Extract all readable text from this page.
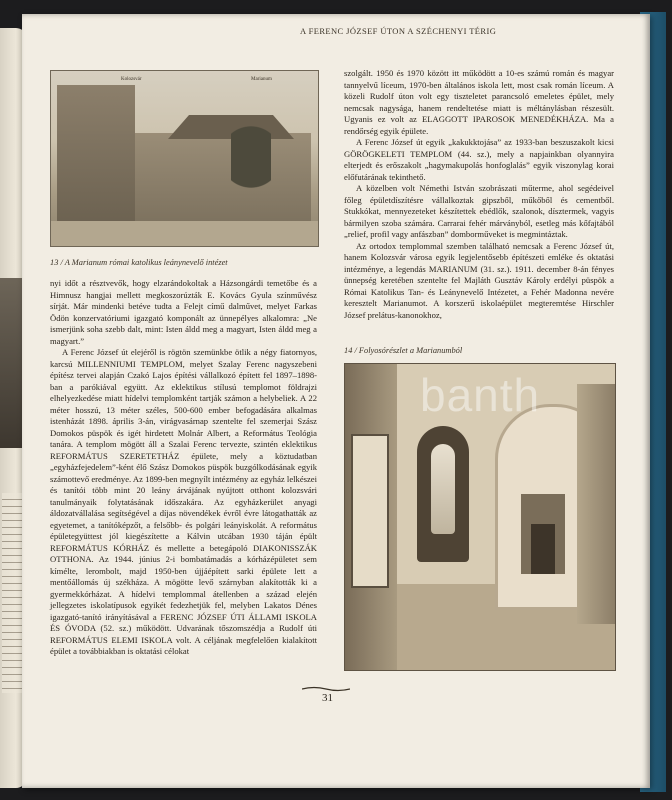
A FERENC JÓZSEF ÚTON A SZÉCHENYI TÉRIG
Kolozsvár	Marianum
13 / A Marianum római katolikus leánynevelő intézet

nyi időt a résztvevők, hogy elzarándokoltak a Házsongárdi temetőbe és a Himnusz hangjai mellett megkoszorúzták E. Kovács Gyula színművész sírját. Már mindenki betéve tudta a Felejt című dalművet, melyet Farkas Ödön konzervatóriumi igazgató komponált az ünnepélyes alkalomra: „Ne ismerjünk soha szebb dalt, mint: Isten áldd meg a magyart, Isten áldd meg a magyart.”

A Ferenc József út elejéről is rögtön szemünkbe ötlik a négy fiatornyos, karcsú MILLENNIUMI TEMPLOM, melyet Szalay Ferenc nagyszebeni építész tervei alapján Czakó Lajos építési vállalkozó épített fel 1897–1898-ban a parókiával együtt. Az eklektikus stílusú templomot földrajzi elhelyezkedése miatt hídelvi templomként tartják számon a helybeliek. A 22 méter hosszú, 13 méter széles, 500-600 ember befogadására alkalmas istenházát 1898. április 3-án, virágvasárnap szentelte fel szemerjai Szász Domokos püspök és igét hirdetett Molnár Albert, a Református Teológia tanára. A templom mögött áll a Szalai Ferenc tervezte, szintén eklektikus REFORMÁTUS SZERETETHÁZ épülete, mely a köztudatban „egyházfejedelem”-ként élő Szász Domokos püspök buzgólkodásának egyik számottevő eredménye. Az 1899-ben megnyílt intézmény az egyház lelkészei és tanítói több mint 20 leány árvájának nyújtott otthont kolozsvári tanulmányaik folytatásának időszakára. Az egyházkerület anyagi áldozatvállalása segítségével a díjas növendékek évről évre látogathatták az egyetemet, a tanítóképzőt, a felsőbb- és polgári leányiskolát. A református épületegyüttest jól kiegészítette a Kálvin utcában 1930 táján épült REFORMÁTUS KÓRHÁZ és mellette a betegápoló DIAKONISSZÁK OTTHONA. Az 1944. június 2-i bombatámadás a kórházépületet sem kímélte, lerombolt, majd 1950-ben újjáépített sarki épülete lett a mentőállomás új székháza. A mögötte levő szárnyban alakították ki a gyermekkórházat. A hídelvi templommal átellenben a század elején jellegzetes iskolatípusok egyikét fedezhetjük fel, melyben Lakatos Dénes igazgató-tanító irányításával a FERENC JÓZSEF ÚTI ÁLLAMI ISKOLA ÉS ÓVODA (52. sz.) működött. Udvarának tőszomszédja a Rudolf úti REFORMÁTUS ELEMI ISKOLA volt. A céljának megfelelően kialakított épület a továbbiakban is oktatási célokat

szolgált. 1950 és 1970 között itt működött a 10-es számú román és magyar tannyelvű líceum, 1970-ben általános iskola lett, most csak román líceum. A közeli Rudolf úton volt egy tiszteletet parancsoló emeletes épület, mely nemcsak nagysága, hanem rendeltetése miatt is méltánylásban részesült. Ugyanis ez volt az ELAGGOTT IPAROSOK MENEDÉKHÁZA. Ma a rendőrség egyik épülete.

A Ferenc József út egyik „kakukktojása” az 1933-ban beszuszakolt kicsi GÖRÖGKELETI TEMPLOM (44. sz.), mely a napjainkban olyannyira elterjedt és erőszakolt „hagymakupolás honfoglalás” egyik viszonylag korai előfutárának tekinthető.

A közelben volt Némethi István szobrászati műterme, ahol segédeivel főleg épületdíszítésre vállalkoztak gipszből, műkőből és cementből. Stukkókat, mennyezeteket készítettek ebédlők, szalonok, dísztermek, vagyis bármilyen szoba számára. Carrarai fehér márványból, esetleg más kőfajtából „relief, profil vagy anfászban” domborműveket is megmintáztak.

Az ortodox templommal szemben található nemcsak a Ferenc József út, hanem Kolozsvár városa egyik legjelentősebb építészeti emléke és oktatási intézménye, a legendás MARIANUM (31. sz.). 1911. december 8-án fényes ünnepség keretében szentelte fel Majláth Gusztáv Károly erdélyi püspök a Római Katolikus Tan- és Leánynevelő Intézetet, a Fehér Madonna nevére keresztelt Marianumot. A korszerű iskolaépület megteremtése Hirschler József prelátus-kanonokhoz,

14 / Folyosórészlet a Marianumból
banth
31
